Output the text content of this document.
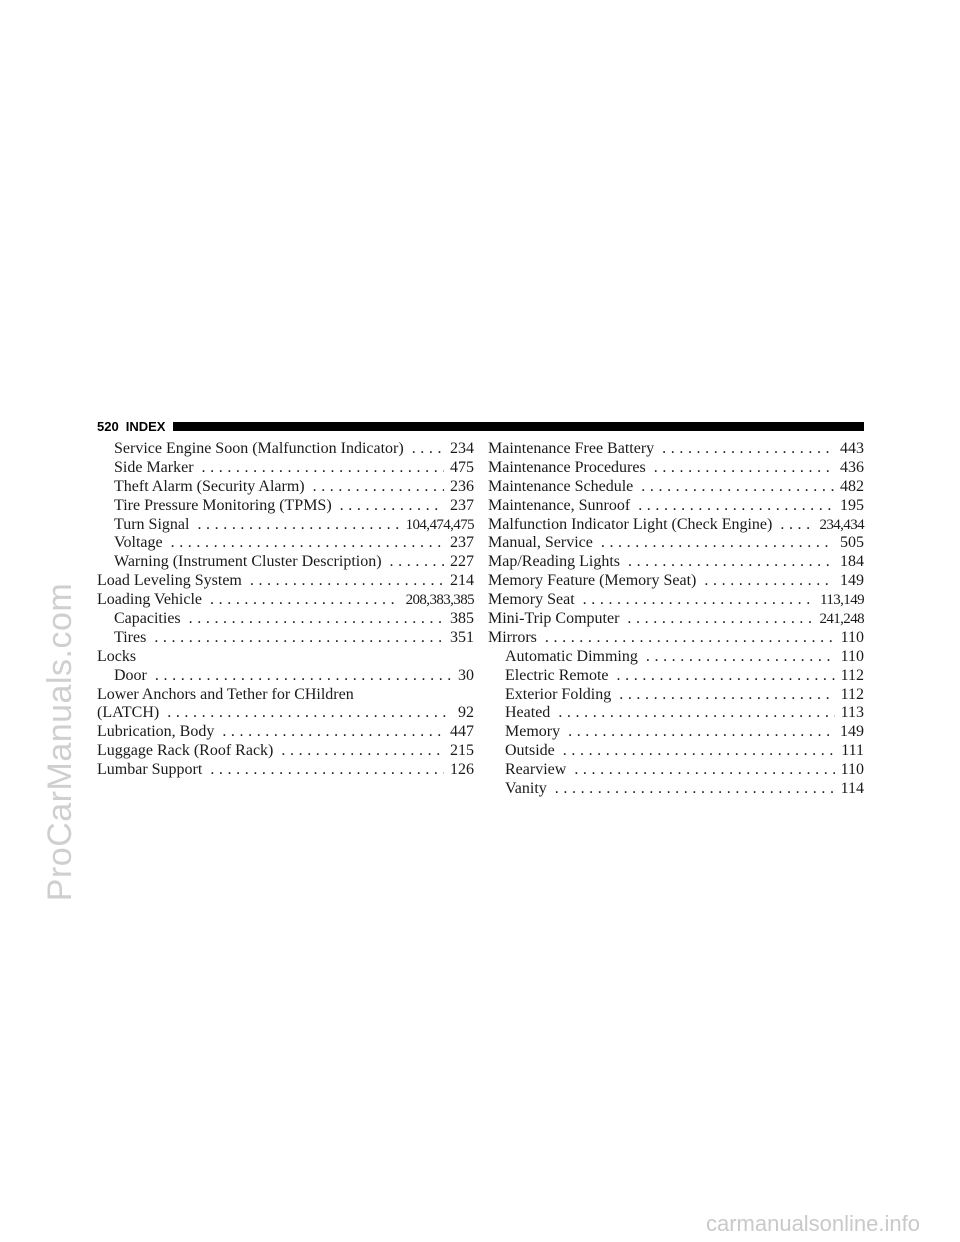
ProCarManuals.com
520 INDEX
Service Engine Soon (Malfunction Indicator) .....	234
Side Marker .....	475
Theft Alarm (Security Alarm) .....	236
Tire Pressure Monitoring (TPMS) .....	237
Turn Signal .....	104,474,475
Voltage .....	237
Warning (Instrument Cluster Description) .....	227
Load Leveling System .....	214
Loading Vehicle .....	208,383,385
Capacities .....	385
Tires .....	351
Locks
Door .....	30
Lower Anchors and Tether for CHildren
(LATCH) .....	92
Lubrication, Body .....	447
Luggage Rack (Roof Rack) .....	215
Lumbar Support .....	126
Maintenance Free Battery .....	443
Maintenance Procedures .....	436
Maintenance Schedule .....	482
Maintenance, Sunroof .....	195
Malfunction Indicator Light (Check Engine) .....	234,434
Manual, Service .....	505
Map/Reading Lights .....	184
Memory Feature (Memory Seat) .....	149
Memory Seat .....	113,149
Mini-Trip Computer .....	241,248
Mirrors .....	110
Automatic Dimming .....	110
Electric Remote .....	112
Exterior Folding .....	112
Heated .....	113
Memory .....	149
Outside .....	111
Rearview .....	110
Vanity .....	114
carmanualsonline.info
